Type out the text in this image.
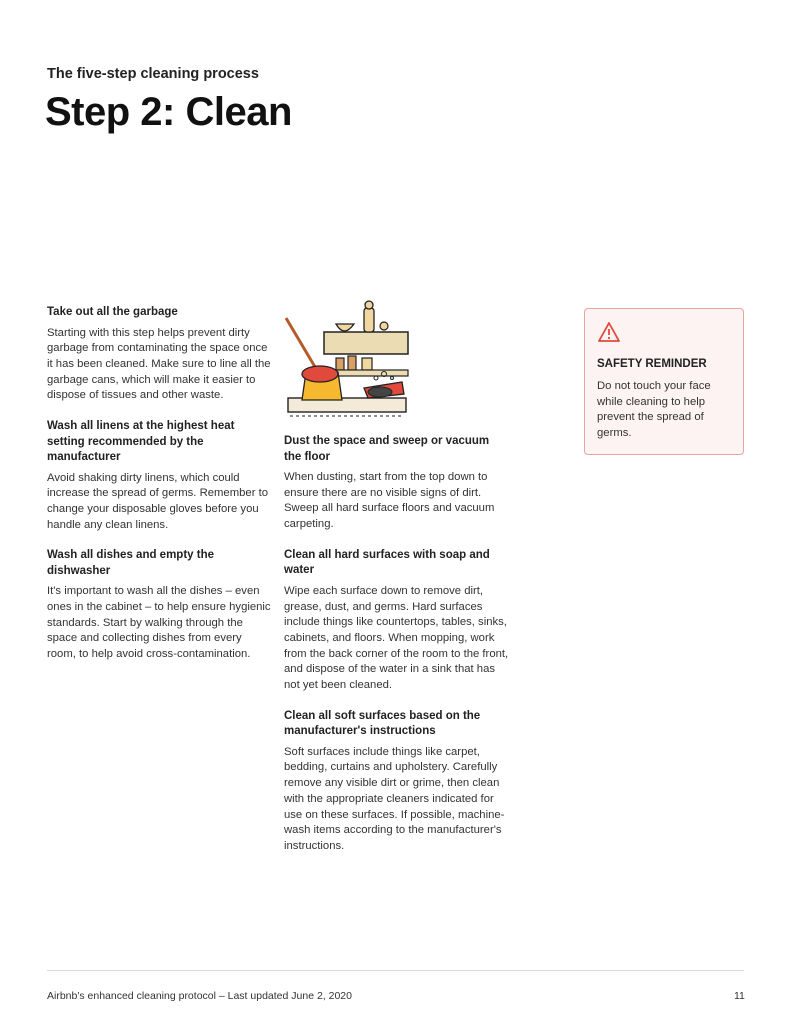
The five-step cleaning process
Step 2: Clean
Take out all the garbage
Starting with this step helps prevent dirty garbage from contaminating the space once it has been cleaned. Make sure to line all the garbage cans, which will make it easier to dispose of tissues and other waste.
Wash all linens at the highest heat setting recommended by the manufacturer
Avoid shaking dirty linens, which could increase the spread of germs. Remember to change your disposable gloves before you handle any clean linens.
Wash all dishes and empty the dishwasher
It's important to wash all the dishes – even ones in the cabinet – to help ensure hygienic standards. Start by walking through the space and collecting dishes from every room, to help avoid cross-contamination.
Dust the space and sweep or vacuum the floor
When dusting, start from the top down to ensure there are no visible signs of dirt. Sweep all hard surface floors and vacuum carpeting.
Clean all hard surfaces with soap and water
Wipe each surface down to remove dirt, grease, dust, and germs. Hard surfaces include things like countertops, tables, sinks, cabinets, and floors. When mopping, work from the back corner of the room to the front, and dispose of the water in a sink that has not yet been cleaned.
Clean all soft surfaces based on the manufacturer's instructions
Soft surfaces include things like carpet, bedding, curtains and upholstery. Carefully remove any visible dirt or grime, then clean with the appropriate cleaners indicated for use on these surfaces. If possible, machine-wash items according to the manufacturer's instructions.
SAFETY REMINDER
Do not touch your face while cleaning to help prevent the spread of germs.
Airbnb's enhanced cleaning protocol – Last updated June 2, 2020	11
